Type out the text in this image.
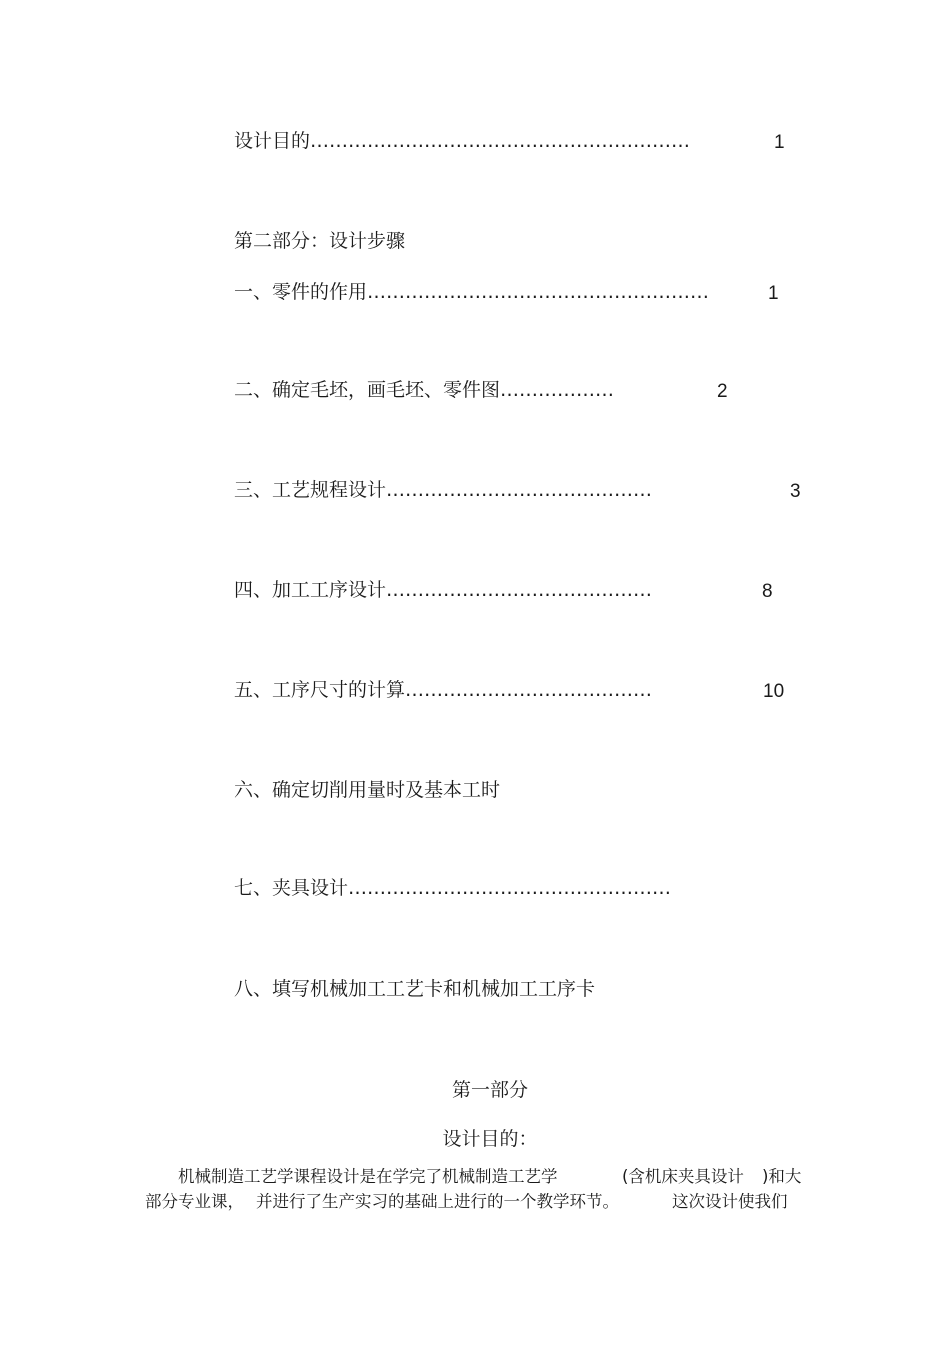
设计目的……………………………………………………	1
第二部分：设计步骤
一、零件的作用………………………………………………	1
二、确定毛坯，画毛坯、零件图………………	2
三、工艺规程设计……………………………………	3
四、加工工序设计……………………………………	8
五、工序尺寸的计算…………………………………	10
六、确定切削用量时及基本工时
七、夹具设计……………………………………………
八、填写机械加工工艺卡和机械加工工序卡
第一部分
设计目的：
机械制造工艺学课程设计是在学完了机械制造工艺学	(含机床夹具设计 )和大
部分专业课， 并进行了生产实习的基础上进行的一个教学环节。	这次设计使我们
